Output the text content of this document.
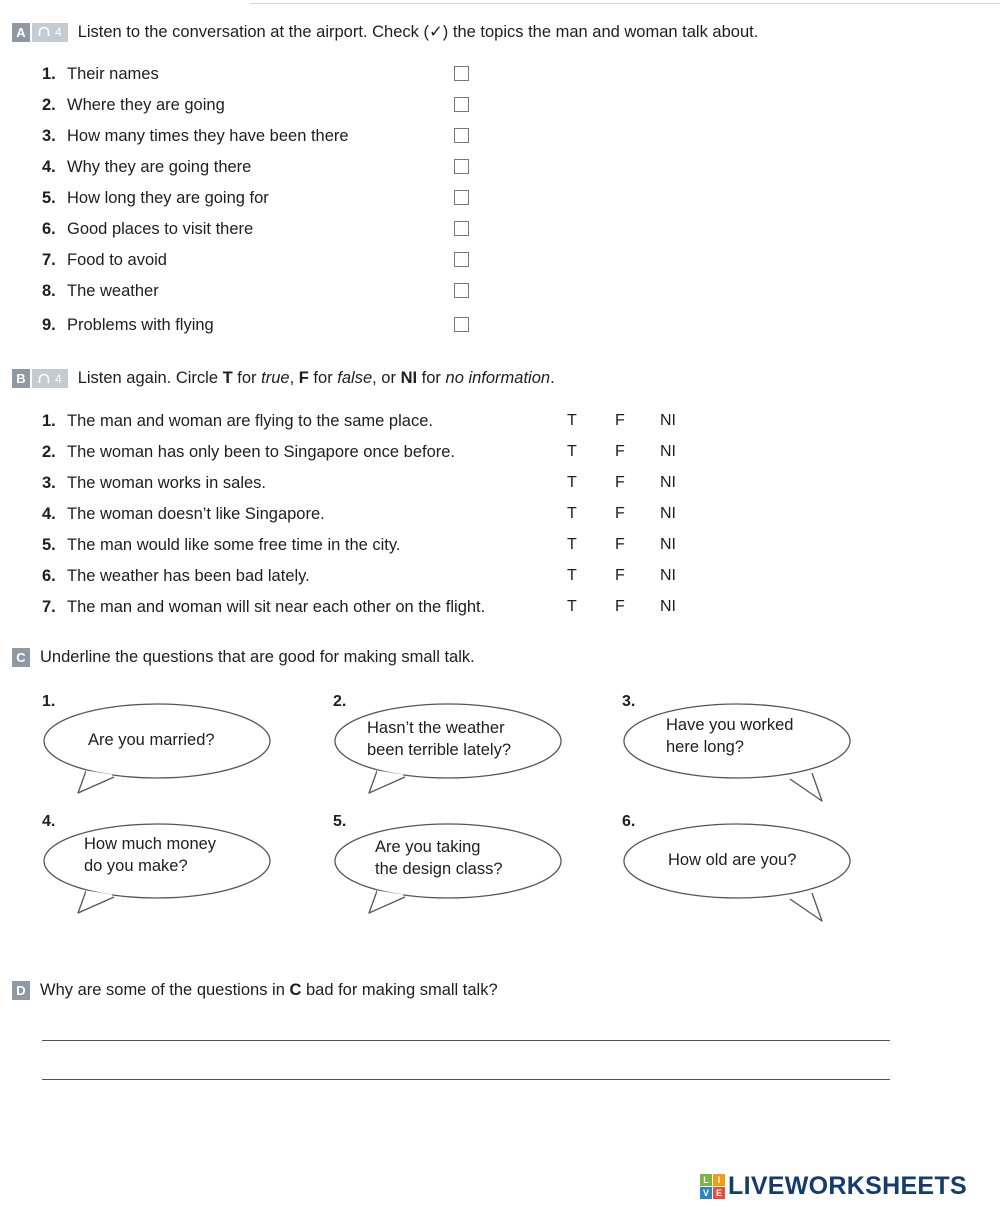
A	4 Listen to the conversation at the airport. Check (✓) the topics the man and woman talk about.
1. Their names
2. Where they are going
3. How many times they have been there
4. Why they are going there
5. How long they are going for
6. Good places to visit there
7. Food to avoid
8. The weather
9. Problems with flying
B	4 Listen again. Circle T for true, F for false, or NI for no information.
1. The man and woman are flying to the same place.	T F NI
2. The woman has only been to Singapore once before.	T F NI
3. The woman works in sales.	T F NI
4. The woman doesn’t like Singapore.	T F NI
5. The man would like some free time in the city.	T F NI
6. The weather has been bad lately.	T F NI
7. The man and woman will sit near each other on the flight.	T F NI
C Underline the questions that are good for making small talk.
1.
Are you married?
2.
Hasn’t the weather
been terrible lately?
3.
Have you worked
here long?
4.
How much money
do you make?
5.
Are you taking
the design class?
6.
How old are you?
D Why are some of the questions in C bad for making small talk?
L I
V E LIVEWORKSHEETS
